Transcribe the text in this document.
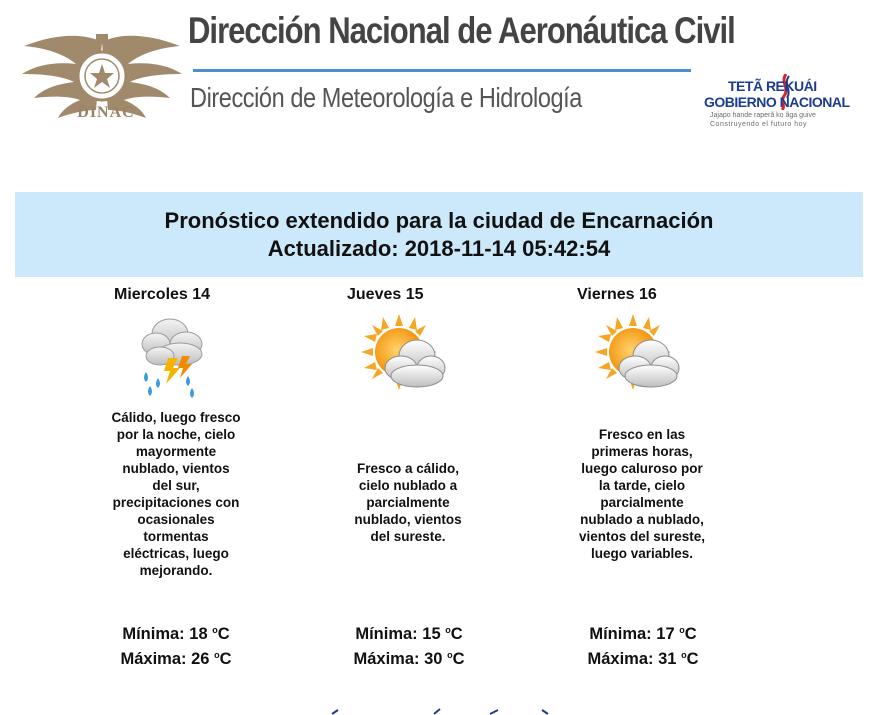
DINAC
Dirección Nacional de Aeronáutica Civil
Dirección de Meteorología e Hidrología	TETÃ REKUÁI
GOBIERNO NACIONAL
Jajapo hande raperã ko ãga guive
Construyendo el futuro hoy
Pronóstico extendido para la ciudad de Encarnación
Actualizado: 2018-11-14 05:42:54
Miercoles 14
Cálido, luego fresco por la noche, cielo mayormente nublado, vientos del sur, precipitaciones con ocasionales tormentas eléctricas, luego mejorando.
Mínima: 18 $^o$C
Máxima: 26 $^o$C
Jueves 15
Fresco a cálido, cielo nublado a parcialmente nublado, vientos del sureste.
Mínima: 15 $^o$C
Máxima: 30 $^o$C
Viernes 16
Fresco en las primeras horas, luego caluroso por la tarde, cielo parcialmente nublado a nublado, vientos del sureste, luego variables.
Mínima: 17 $^o$C
Máxima: 31 $^o$C
